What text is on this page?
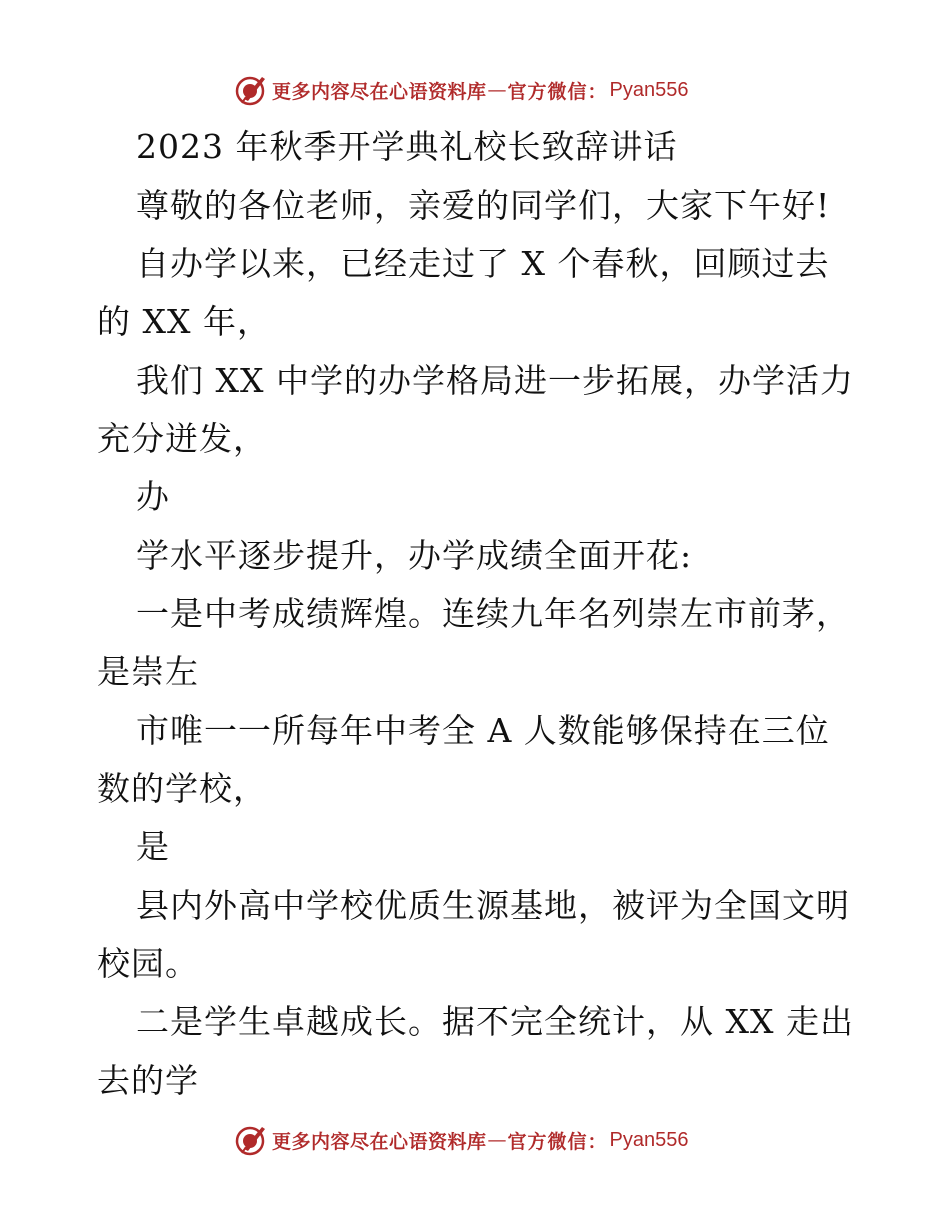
更多内容尽在心语资料库 — 官方微信： Pyan556
2023 年秋季开学典礼校长致辞讲话
尊敬的各位老师，亲爱的同学们，大家下午好!
自办学以来，已经走过了 X 个春秋，回顾过去
的 XX 年，
我们 XX 中学的办学格局进一步拓展，办学活力
充分迸发，
办
学水平逐步提升，办学成绩全面开花:
一是中考成绩辉煌。连续九年名列崇左市前茅，
是崇左
市唯一一所每年中考全 A 人数能够保持在三位
数的学校，
是
县内外高中学校优质生源基地，被评为全国文明
校园。
二是学生卓越成长。据不完全统计，从 XX 走出
去的学
更多内容尽在心语资料库 — 官方微信： Pyan556
